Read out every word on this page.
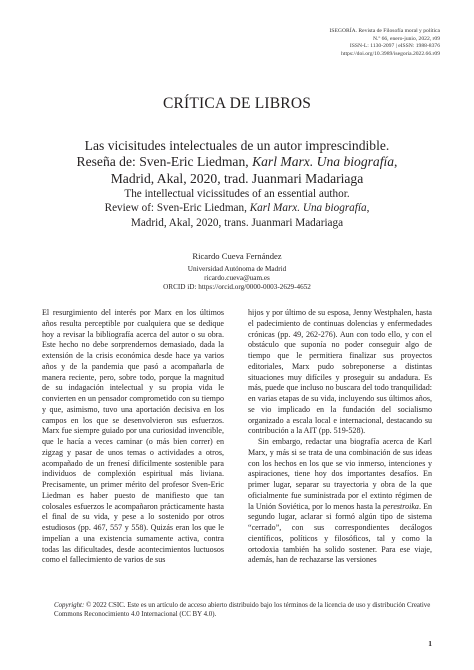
ISEGORÍA. Revista de Filosofía moral y política
N.º 66, enero-junio, 2022, r09
ISSN-L: 1130-2097 | eISSN: 1988-8376
https://doi.org/10.3989/isegoria.2022.66.r09
CRÍTICA DE LIBROS
Las vicisitudes intelectuales de un autor imprescindible.
Reseña de: Sven-Eric Liedman, Karl Marx. Una biografía,
Madrid, Akal, 2020, trad. Juanmari Madariaga
The intellectual vicissitudes of an essential author.
Review of: Sven-Eric Liedman, Karl Marx. Una biografía,
Madrid, Akal, 2020, trans. Juanmari Madariaga
Ricardo Cueva Fernández
Universidad Autónoma de Madrid
ricardo.cueva@uam.es
ORCID iD: https://orcid.org/0000-0003-2629-4652

El resurgimiento del interés por Marx en los últimos años resulta perceptible por cualquiera que se dedique hoy a revisar la bibliografía acerca del autor o su obra. Este hecho no debe sorprendernos demasiado, dada la extensión de la crisis económica desde hace ya varios años y de la pandemia que pasó a acompañarla de manera reciente, pero, sobre todo, porque la magnitud de su indagación intelectual y su propia vida le convierten en un pensador comprometido con su tiempo y que, asimismo, tuvo una aportación decisiva en los campos en los que se desenvolvieron sus esfuerzos. Marx fue siempre guiado por una curiosidad invencible, que le hacía a veces caminar (o más bien correr) en zigzag y pasar de unos temas o actividades a otros, acompañado de un frenesí difícilmente sostenible para individuos de complexión espiritual más liviana. Precisamente, un primer mérito del profesor Sven-Eric Liedman es haber puesto de manifiesto que tan colosales esfuerzos le acompañaron prácticamente hasta el final de su vida, y pese a lo sostenido por otros estudiosos (pp. 467, 557 y 558). Quizás eran los que le impelían a una existencia sumamente activa, contra todas las dificultades, desde acontecimientos luctuosos como el fallecimiento de varios de sus

hijos y por último de su esposa, Jenny Westphalen, hasta el padecimiento de continuas dolencias y enfermedades crónicas (pp. 49, 262-276). Aun con todo ello, y con el obstáculo que suponía no poder conseguir algo de tiempo que le permitiera finalizar sus proyectos editoriales, Marx pudo sobreponerse a distintas situaciones muy difíciles y proseguir su andadura. Es más, puede que incluso no buscara del todo tranquilidad: en varias etapas de su vida, incluyendo sus últimos años, se vio implicado en la fundación del socialismo organizado a escala local e internacional, destacando su contribución a la AIT (pp. 519-528).

Sin embargo, redactar una biografía acerca de Karl Marx, y más si se trata de una combinación de sus ideas con los hechos en los que se vio inmerso, intenciones y aspiraciones, tiene hoy dos importantes desafíos. En primer lugar, separar su trayectoria y obra de la que oficialmente fue suministrada por el extinto régimen de la Unión Soviética, por lo menos hasta la perestroika. En segundo lugar, aclarar si formó algún tipo de sistema “cerrado”, con sus correspondientes decálogos científicos, políticos y filosóficos, tal y como la ortodoxia también ha solido sostener. Para ese viaje, además, han de rechazarse las versiones

Copyright: © 2022 CSIC. Este es un artículo de acceso abierto distribuido bajo los términos de la licencia de uso y distribución Creative Commons Reconocimiento 4.0 Internacional (CC BY 4.0).
1
